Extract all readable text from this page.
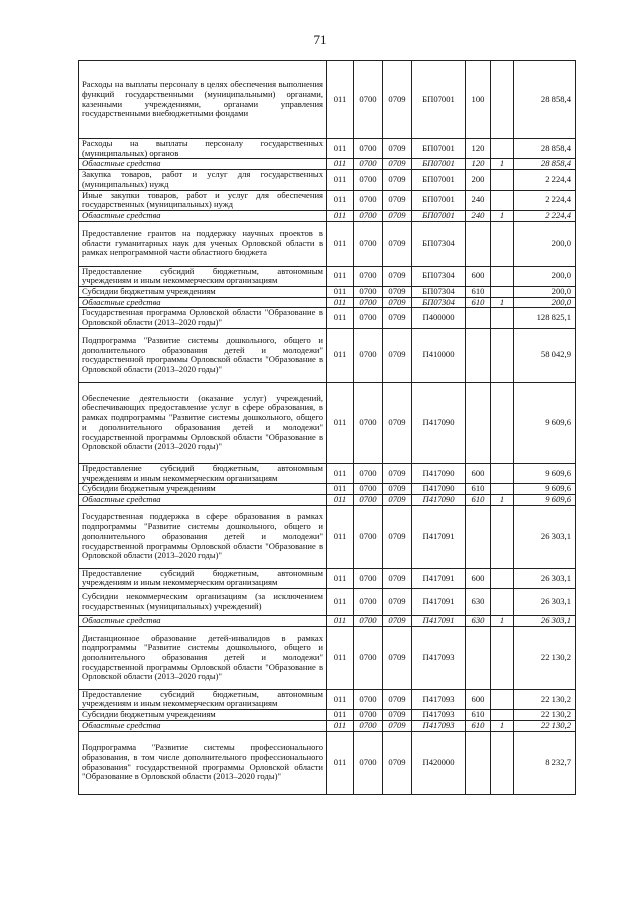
71
Расходы на выплаты персоналу в целях обеспечения выполнения функций государственными (муниципальными) органами, казенными учреждениями, органами управления государственными внебюджетными фондами	011	0700	0709	БП07001	100		28 858,4
Расходы на выплаты персоналу государственных (муниципальных) органов	011	0700	0709	БП07001	120		28 858,4
Областные средства	011	0700	0709	БП07001	120	1	28 858,4
Закупка товаров, работ и услуг для государственных (муниципальных) нужд	011	0700	0709	БП07001	200		2 224,4
Иные закупки товаров, работ и услуг для обеспечения государственных (муниципальных) нужд	011	0700	0709	БП07001	240		2 224,4
Областные средства	011	0700	0709	БП07001	240	1	2 224,4
Предоставление грантов на поддержку научных проектов в области гуманитарных наук для ученых Орловской области в рамках непрограммной части областного бюджета	011	0700	0709	БП07304			200,0
Предоставление субсидий бюджетным, автономным учреждениям и иным некоммерческим организациям	011	0700	0709	БП07304	600		200,0
Субсидии бюджетным учреждениям	011	0700	0709	БП07304	610		200,0
Областные средства	011	0700	0709	БП07304	610	1	200,0
Государственная программа Орловской области "Образование в Орловской области (2013–2020 годы)"	011	0700	0709	П400000			128 825,1
Подпрограмма "Развитие системы дошкольного, общего и дополнительного образования детей и молодежи" государственной программы Орловской области "Образование в Орловской области (2013–2020 годы)"	011	0700	0709	П410000			58 042,9
Обеспечение деятельности (оказание услуг) учреждений, обеспечивающих предоставление услуг в сфере образования, в рамках подпрограммы "Развитие системы дошкольного, общего и дополнительного образования детей и молодежи" государственной программы Орловской области "Образование в Орловской области (2013–2020 годы)"	011	0700	0709	П417090			9 609,6
Предоставление субсидий бюджетным, автономным учреждениям и иным некоммерческим организациям	011	0700	0709	П417090	600		9 609,6
Субсидии бюджетным учреждениям	011	0700	0709	П417090	610		9 609,6
Областные средства	011	0700	0709	П417090	610	1	9 609,6
Государственная поддержка в сфере образования в рамках подпрограммы "Развитие системы дошкольного, общего и дополнительного образования детей и молодежи" государственной программы Орловской области "Образование в Орловской области (2013–2020 годы)"	011	0700	0709	П417091			26 303,1
Предоставление субсидий бюджетным, автономным учреждениям и иным некоммерческим организациям	011	0700	0709	П417091	600		26 303,1
Субсидии некоммерческим организациям (за исключением государственных (муниципальных) учреждений)	011	0700	0709	П417091	630		26 303,1
Областные средства	011	0700	0709	П417091	630	1	26 303,1
Дистанционное образование детей-инвалидов в рамках подпрограммы "Развитие системы дошкольного, общего и дополнительного образования детей и молодежи" государственной программы Орловской области "Образование в Орловской области (2013–2020 годы)"	011	0700	0709	П417093			22 130,2
Предоставление субсидий бюджетным, автономным учреждениям и иным некоммерческим организациям	011	0700	0709	П417093	600		22 130,2
Субсидии бюджетным учреждениям	011	0700	0709	П417093	610		22 130,2
Областные средства	011	0700	0709	П417093	610	1	22 130,2
Подпрограмма "Развитие системы профессионального образования, в том числе дополнительного профессионального образования" государственной программы Орловской области "Образование в Орловской области (2013–2020 годы)"	011	0700	0709	П420000			8 232,7
